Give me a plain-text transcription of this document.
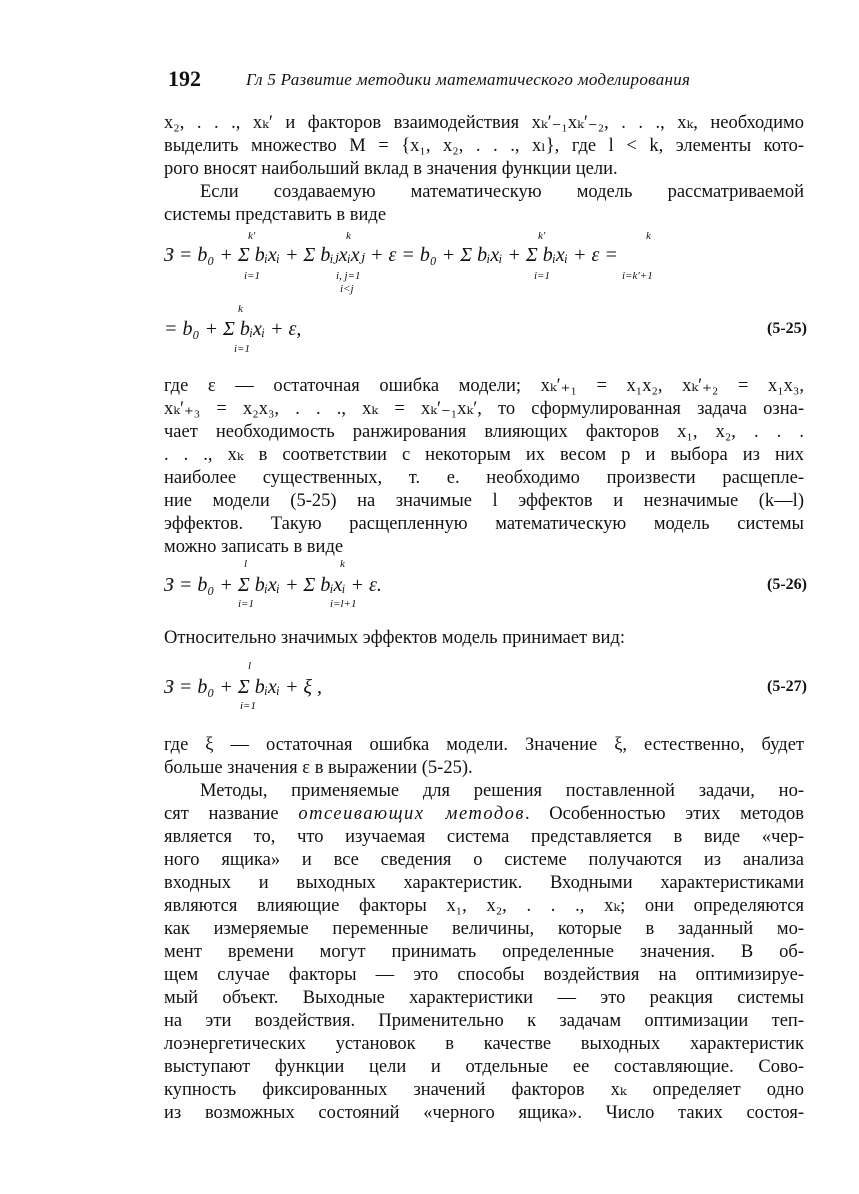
192	Гл 5 Развитие методики математического моделирования
x₂, . . ., xₖ′ и факторов взаимодействия xₖ′₋₁xₖ′₋₂, . . ., xₖ, необходимо
выделить множество M = {x₁, x₂, . . ., xₗ}, где l < k, элементы кото-
рого вносят наибольший вклад в значения функции цели.
Если создаваемую математическую модель рассматриваемой
системы представить в виде
З = b₀ + Σ bᵢxᵢ + Σ bᵢⱼxᵢxⱼ + ε = b₀ + Σ bᵢxᵢ + Σ bᵢxᵢ + ε =
k′
i=1
k
i, j=1
i<j
k′
i=1
k
i=k′+1
= b₀ + Σ bᵢxᵢ + ε,
k
i=1
(5-25)
где ε — остаточная ошибка модели; xₖ′₊₁ = x₁x₂, xₖ′₊₂ = x₁x₃,
xₖ′₊₃ = x₂x₃, . . ., xₖ = xₖ′₋₁xₖ′, то сформулированная задача озна-
чает необходимость ранжирования влияющих факторов x₁, x₂, . . .
. . ., xₖ в соответствии с некоторым их весом p и выбора из них
наиболее существенных, т. е. необходимо произвести расщепле-
ние модели (5-25) на значимые l эффектов и незначимые (k—l)
эффектов. Такую расщепленную математическую модель системы
можно записать в виде
З = b₀ + Σ bᵢxᵢ + Σ bᵢxᵢ + ε.
l
i=1
k
i=l+1
(5-26)
Относительно значимых эффектов модель принимает вид:
З = b₀ + Σ bᵢxᵢ + ξ ,
l
i=1
(5-27)
где ξ — остаточная ошибка модели. Значение ξ, естественно, будет
больше значения ε в выражении (5-25).
Методы, применяемые для решения поставленной задачи, но-
сят название отсеивающих методов. Особенностью этих методов
является то, что изучаемая система представляется в виде «чер-
ного ящика» и все сведения о системе получаются из анализа
входных и выходных характеристик. Входными характеристиками
являются влияющие факторы x₁, x₂, . . ., xₖ; они определяются
как измеряемые переменные величины, которые в заданный мо-
мент времени могут принимать определенные значения. В об-
щем случае факторы — это способы воздействия на оптимизируе-
мый объект. Выходные характеристики — это реакция системы
на эти воздействия. Применительно к задачам оптимизации теп-
лоэнергетических установок в качестве выходных характеристик
выступают функции цели и отдельные ее составляющие. Сово-
купность фиксированных значений факторов xₖ определяет одно
из возможных состояний «черного ящика». Число таких состоя-
